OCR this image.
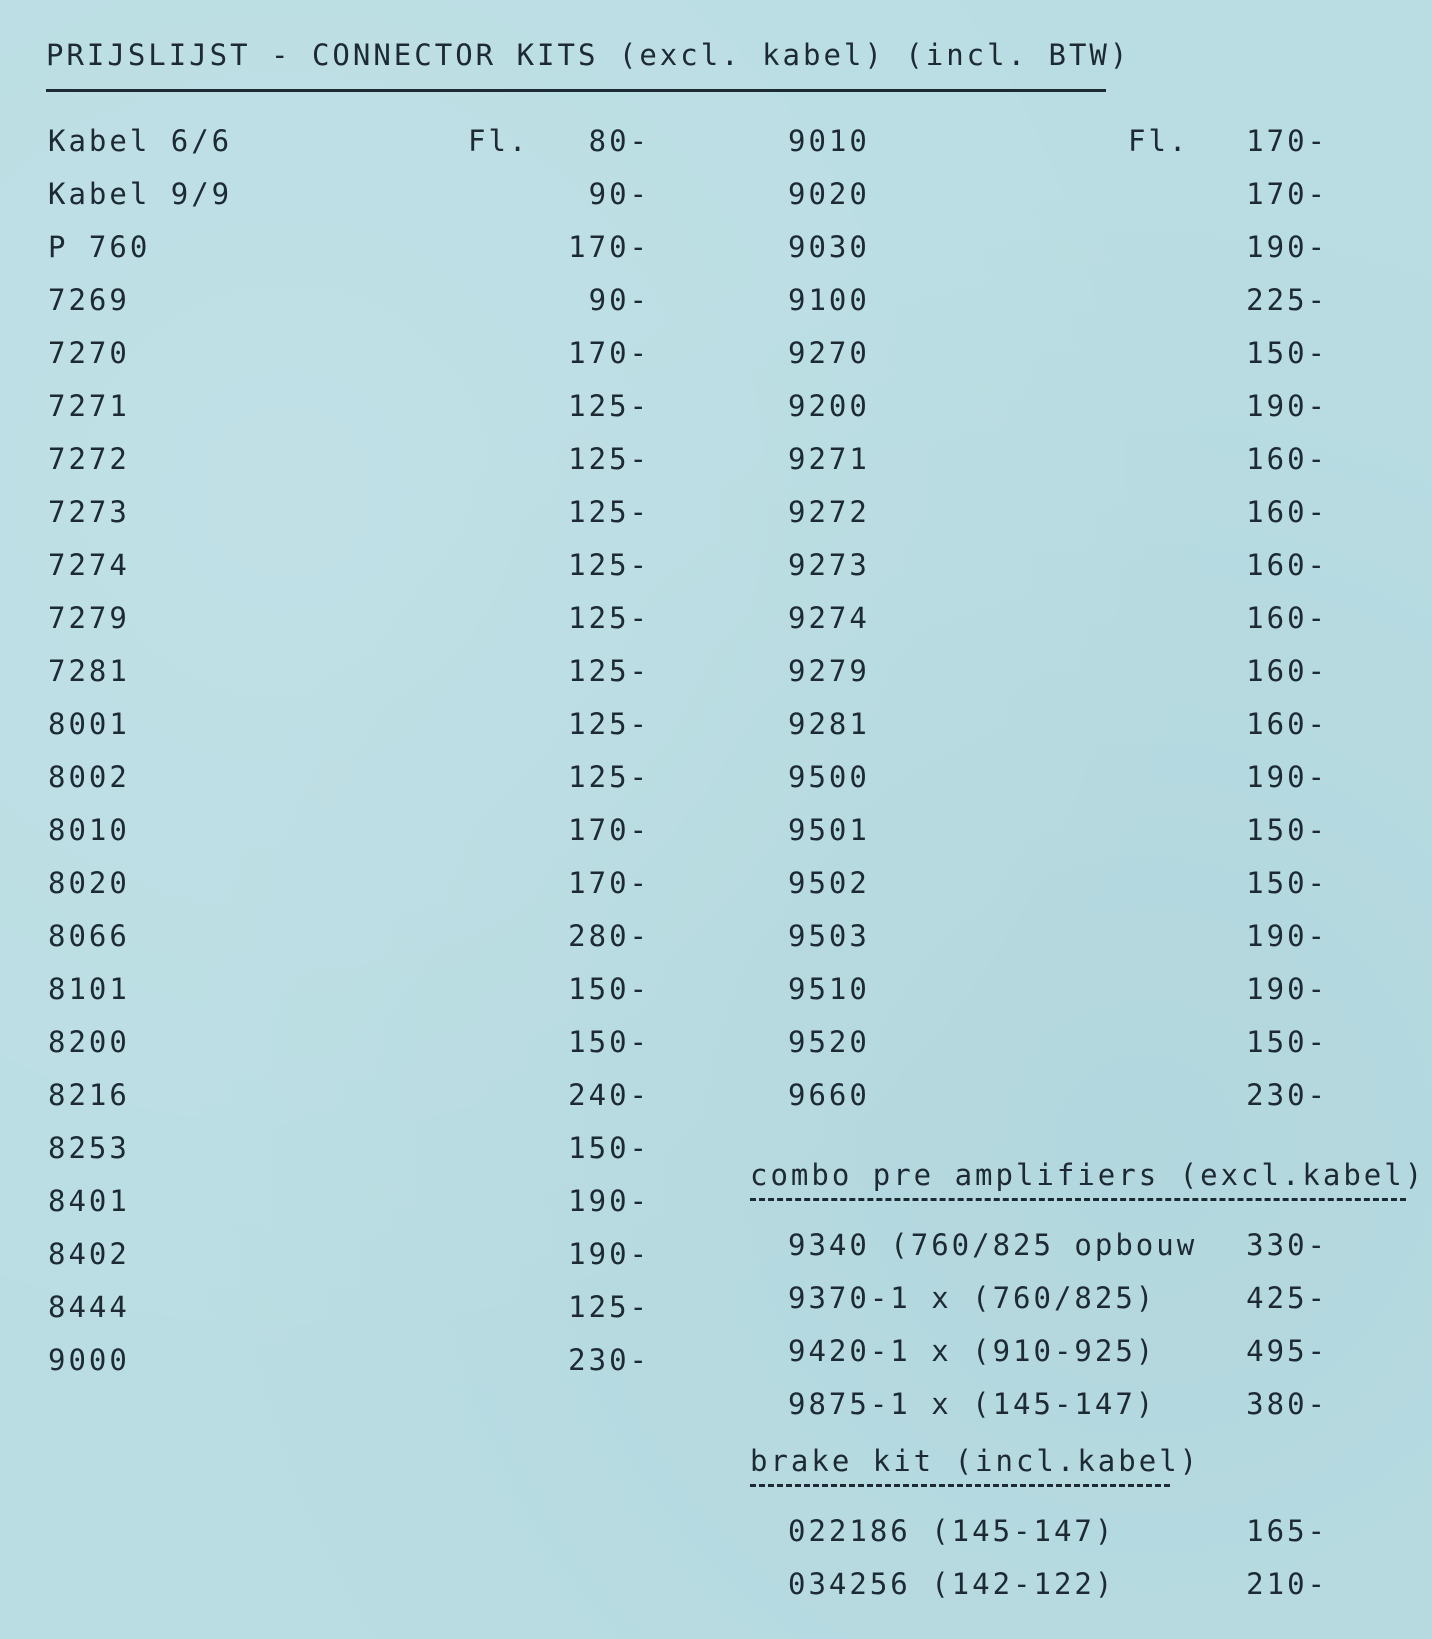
PRIJSLIJST - CONNECTOR KITS (excl. kabel) (incl. BTW)
Kabel 6/6	Fl. 80-
Kabel 9/9	90-
P 760	170-
7269	90-
7270	170-
7271	125-
7272	125-
7273	125-
7274	125-
7279	125-
7281	125-
8001	125-
8002	125-
8010	170-
8020	170-
8066	280-
8101	150-
8200	150-
8216	240-
8253	150-
8401	190-
8402	190-
8444	125-
9000	230-
9010	Fl. 170-
9020	170-
9030	190-
9100	225-
9270	150-
9200	190-
9271	160-
9272	160-
9273	160-
9274	160-
9279	160-
9281	160-
9500	190-
9501	150-
9502	150-
9503	190-
9510	190-
9520	150-
9660	230-
combo pre amplifiers (excl.kabel)
9340 (760/825 opbouw 330-
9370-1 x (760/825)	425-
9420-1 x (910-925)	495-
9875-1 x (145-147)	380-
brake kit (incl.kabel)
022186 (145-147)	165-
034256 (142-122)	210-
